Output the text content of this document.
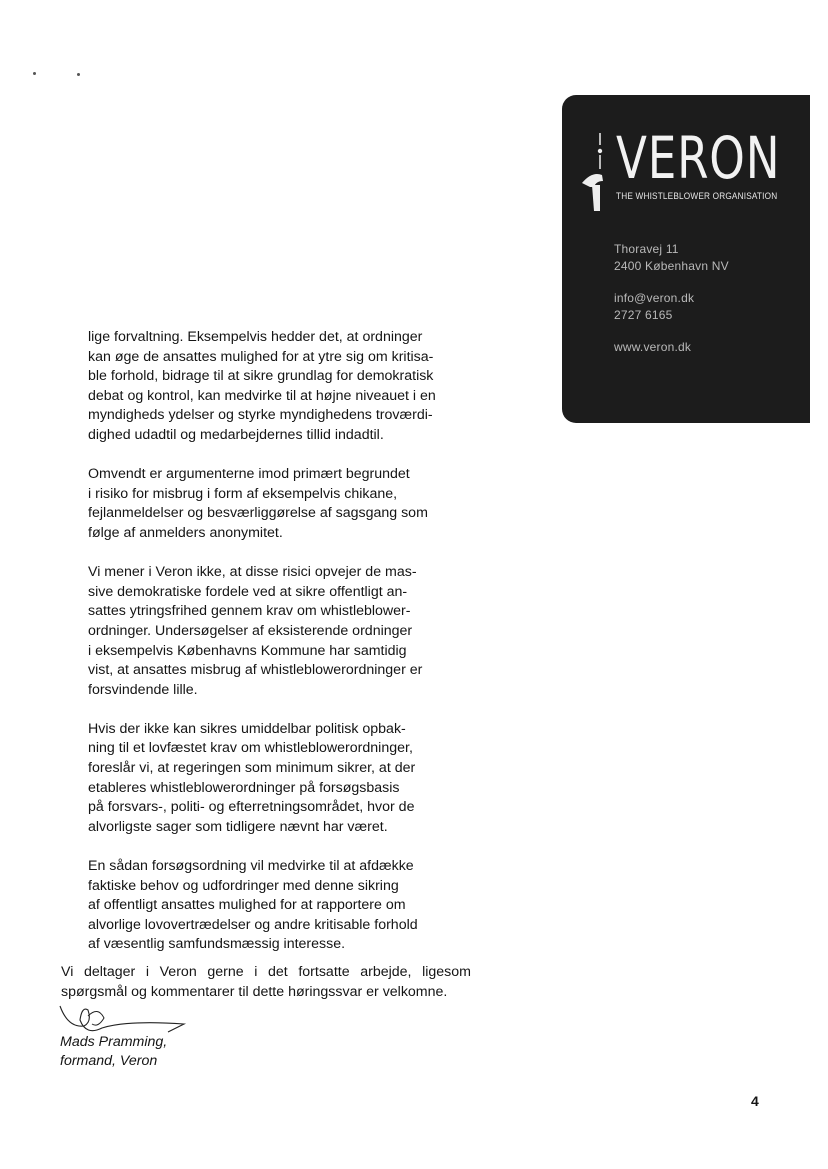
VERON
THE WHISTLEBLOWER ORGANISATION
Thoravej 11
2400 København NV
info@veron.dk
2727 6165
www.veron.dk

lige forvaltning. Eksempelvis hedder det, at ordninger
kan øge de ansattes mulighed for at ytre sig om kritisa-
ble forhold, bidrage til at sikre grundlag for demokratisk
debat og kontrol, kan medvirke til at højne niveauet i en
myndigheds ydelser og styrke myndighedens troværdi-
dighed udadtil og medarbejdernes tillid indadtil.

Omvendt er argumenterne imod primært begrundet
i risiko for misbrug i form af eksempelvis chikane,
fejlanmeldelser og besværliggørelse af sagsgang som
følge af anmelders anonymitet.

Vi mener i Veron ikke, at disse risici opvejer de mas-
sive demokratiske fordele ved at sikre offentligt an-
sattes ytringsfrihed gennem krav om whistleblower-
ordninger. Undersøgelser af eksisterende ordninger
i eksempelvis Københavns Kommune har samtidig
vist, at ansattes misbrug af whistleblowerordninger er
forsvindende lille.

Hvis der ikke kan sikres umiddelbar politisk opbak-
ning til et lovfæstet krav om whistleblowerordninger,
foreslår vi, at regeringen som minimum sikrer, at der
etableres whistleblowerordninger på forsøgsbasis
på forsvars-, politi- og efterretningsområdet, hvor de
alvorligste sager som tidligere nævnt har været.

En sådan forsøgsordning vil medvirke til at afdække
faktiske behov og udfordringer med denne sikring
af offentligt ansattes mulighed for at rapportere om
alvorlige lovovertrædelser og andre kritisable forhold
af væsentlig samfundsmæssig interesse.

Vi deltager i Veron gerne i det fortsatte arbejde, ligesom
spørgsmål og kommentarer til dette høringssvar er velkomne.
Mads Pramming,
formand, Veron
4
